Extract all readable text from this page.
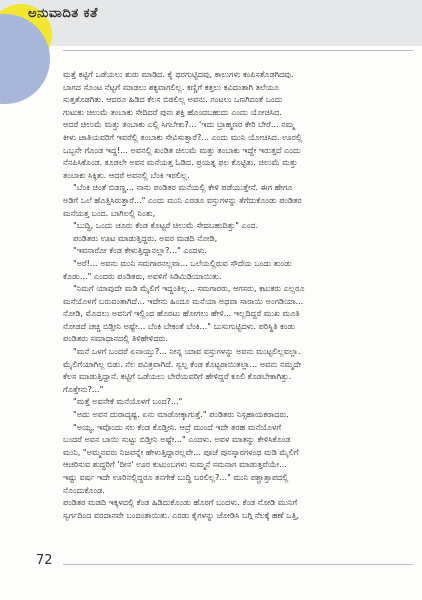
ಅನುವಾದಿತ ಕತೆ
ಮತ್ತೆ ಕಟ್ಟಿಗೆ ಒಡೆಯಲು ಶುರು ಮಾಡಿದ. ಕೈ ಥರಗುಟ್ಟಿದವು, ಕಾಲುಗಳು ಕಂಪಿಸತೊಡಗಿದವು.
ಬಾಗದ ಸೊಂಟ ನೆಟ್ಟಗೆ ಮಾಡಲು ಶಕ್ಯವಾಗಲಿಲ್ಲ. ಕಣ್ಣಿಗೆ ಕತ್ತಲು ಕವಿದಂತಾಗಿ ತಲೆಯೂ
ಸುತ್ತತೊಡಗಿತು. ಆದರೂ ಹಿಡಿದ ಕೆಲಸ ಬಿಡಲಿಲ್ಲ ಅವನು. ಗಂಟಲು ಒಣಗಿದಂತೆ ಒಂದು
ಗುಟುಕು ಚಿಲುಮೆ ತಂಬಾಕು ಸೇದಿದರೆ ಪುನಃ ಶಕ್ತಿ ಹೊಂದಬಹುದು ಎಂದು ಯೋಚಿಸಿದ.
ಆದರೆ ಚಿಲುಮೆ ಮತ್ತು ತಂಬಾಕು ಎಲ್ಲಿ ಸಿಗಬೇಕು?... 'ಇದು ಬ್ರಾಹ್ಮಣರ ಕೇರಿ ಬೇರೆ... ನಮ್ಮ
ಕೀಳು ಜಾತಿಯವರಿಗೆ ಇವರೆಲ್ಲಿ ತಂಬಾಕು ಸೇವಿಸುತ್ತಾರೆ?... ಎಂದು ಮುನಿ ಯೋಚಿಸಿದ. ಊರಲ್ಲಿ
ಒಬ್ಬನೇ ಗೊಂಡ ಇದ್ದ!... ಅವನಲ್ಲಿ ಖಂಡಿತ ಚಿಲುಮೆ ಮತ್ತು ತಂಬಾಕು ಇದ್ದೇ ಇರುತ್ತದೆ ಎಂದು
ನೆನಪಿಸಿಕೊಂಡ. ಕೂಡಲೇ ಅವನ ಮನೆಯತ್ತ ಓಡಿದ. ಪ್ರಯತ್ನ ಫಲ ಕೊಟ್ಟಿತು. ಚಿಲುಮೆ ಮತ್ತು
ತಂಬಾಕು ಸಿಕ್ಕಿತು. ಆದರೆ ಅವನಲ್ಲಿ ಬೆಂಕಿ ಇರಲಿಲ್ಲ.
"ಬೆಂಕಿ ಚಿಂತೆ ಬಿಡಣ್ಣ... ನಾನು ಪಂಡಿತರ ಮನೆಯಲ್ಲಿ ಕೇಳಿ ಪಡೆಯುತ್ತೇನೆ. ಈಗ ಹೇಗೂ
ಅಡಿಗೆ ಒಲೆ ಹೊತ್ತಿಸಿರುತ್ತಾರೆ..." ಎಂದು ಮುನಿ ಎರಡೂ ವಸ್ತುಗಳನ್ನು ತೆಗೆದುಕೊಂಡು ಪಂಡಿತರ
ಮನೆಯತ್ತ ಬಂದ. ಬಾಗಿಲಲ್ಲಿ ನಿಂತು,
"ಬುದ್ಧಿ, ಒಂದು ಚೂರು ಕೆಂಡ ಕೊಟ್ಟರೆ ಚಿಲುಮೆ ಸೇದಬಹುದಿತ್ತು" ಎಂದ.
ಪಂಡಿತರು ಊಟ ಮಾಡುತ್ತಿದ್ದರು. ಅವರ ಮಡದಿ ನೋಡಿ,
"ಇವನಾರೋ ಕೆಂಡ ಕೇಳುತ್ತಿದ್ದಾನಲ್ಲಾ?..." ಎಂದಳು.
"ಅರೆ!... ಅವನು ಮುನಿ ಸಮಗಾರನಲ್ಲವಾ... ಒಲೆಯಲ್ಲಿರುವ ಸೌದೆಯ ಒಂದು ತುಂಡು
ಕೊಡು..." ಎಂದರು ಪಂಡಿತರು, ಅವಳಿಗೆ ಸಿಡಿಮಿಡಿಯಾಯಿತು.
"ನಿಮಗೆ ಯಾವುದೇ ಮಡಿ ಮೈಲಿಗೆ ಇದ್ದಂತಿಲ್ಲ... ಸಮಗಾರರು, ಆಗಸರು, ಕಟುಕರು ಎಲ್ಲರೂ
ಮನೆಯೊಳಗೆ ಬರುವಂತಾಗಿದೆ... ಇದೇನು ಹಿಂದೂ ಮನೆಯಾ ಅಥವಾ ಸಾರಾಯಿ ಅಂಗಡಿಯಾ...
ನೋಡಿ, ಮೊದಲು ಅವನಿಗೆ ಇಲ್ಲಿಂದ ಹೊರಟು ಹೋಗಲು ಹೇಳಿ... ಇಲ್ಲದಿದ್ದರೆ ಮುಖ ಮೂತಿ
ನೋಡದೆ ಚಚ್ಚಿ ಬಿಡ್ತೀನಿ ಅಷ್ಟೇ... ಬೆಂಕಿ ಬೇಕಂತೆ ಬೆಂಕಿ..." ಬುಸುಗುಟ್ಟಿದಳು. ಪರಿಸ್ಥಿತಿ ಕಂಡು
ಪಂಡಿತರು ಸಮಾಧಾನದಲ್ಲಿ ತಿಳಿಹೇಳಿದರು.
"ಮನೆ ಒಳಗೆ ಬಂದರೆ ಏನಾಯ್ತು?... ನೀನ್ನ ಯಾವ ವಸ್ತುಗಳನ್ನು ಅವನು ಮುಟ್ಟಲಿಲ್ಲವಲ್ಲಾ.
ಮೈಲಿಗೆಯಾಗಿಲ್ಲ ಬಿಡು. ನೆಲ ಪವಿತ್ರವಾಗಿದೆ. ಸ್ವಲ್ಪ ಕೆಂಡ ಕೊಟ್ಟರಾಯಿತಲ್ಲಾ... ಅವನು ನಮ್ಮದೇ
ಕೆಲಸ ಮಾಡುತ್ತಿದ್ದಾನೆ. ಕಟ್ಟಿಗೆ ಒಡೆಯಲು ಬೇರೆಯವರಿಗೆ ಹೇಳಿದ್ದರೆ ಕೂಲಿ ಕೊಡಬೇಕಾಗಿತ್ತು.
ಗೊತ್ತೇನು?..."
"ಮತ್ತೆ ಅವನೇಕೆ ಮನೆಯೊಳಗೆ ಬಂದ?..."
"ಅದು ಅವನ ದುರಾದೃಷ್ಟ. ಏನು ಮಾಡೋಕ್ಕಾಗುತ್ತೆ." ಪಂಡಿತರು ನಿಸ್ಸಹಾಯಕರಾದರು.
"ಅಯ್ಯ, ಇವೊಂದು ಸಲ ಕೆಂಡ ಕೊಡ್ತೀನಿ. ಆದ್ರೆ ಮುಂದೆ ಇದೇ ತರಹ ಮನೆಯೊಳಗೆ
ಬಂದರೆ ಅವನ ಬಾಯಿ ಸುಟ್ಟು ಬಿಡ್ತೀನಿ ಅಷ್ಟೇ..." ಎಂದಳು. ಅವಳ ಮಾತನ್ನು ಕೇಳಿಸಿಕೊಂಡ
ಮುನಿ, "ಅಮ್ಮನವರು ನಿಜವನ್ನೇ ಹೇಳುತ್ತಿದ್ದಾರಲ್ಲವೇ... ಪೂಜೆ ಪುನಸ್ಕಾರಗಳಂಥ ಮಡಿ ಮೈಲಿಗೆ
ಆಚರಿಸುವ ಶುದ್ಧರಿಗೆ 'ದೀನ' ಊರ ಕುಟುಂಬಗಳು ಸುಮ್ಮನೆ ಸಮನಾಗ ಮಾಡುತ್ತವೆಯೇ...
ಇಷ್ಟು ವರ್ಷ ಇದೇ ಊರಿನಲ್ಲಿದ್ದರೂ ತನಗೇಕೆ ಬುದ್ಧಿ ಬರಲಿಲ್ಲ?..." ಮುನಿ ಪಶ್ಚಾತ್ತಾಪದಲ್ಲಿ
ನೊಂದುಕೊಂಡ.
ಪಂಡಿತರ ಮಡದಿ ಇಕ್ಕಳದಲ್ಲಿ ಕೆಂಡ ಹಿಡಿದುಕೊಂಡು ಹೊರಗೆ ಬಂದಳು. ಕೆಂಡ ನೋಡಿ ಮುನಿಗೆ
ಸ್ವರ್ಗದಿಂದ ವರದಾನವೇ ಬಂದಂತಾಯಿತು. ಎರಡು ಕೈಗಳನ್ನು ಜೋಡಿಸಿ ಬಗ್ಗಿ ನೆಲಕ್ಕೆ ಹಣೆ ಒತ್ತಿ,
72
